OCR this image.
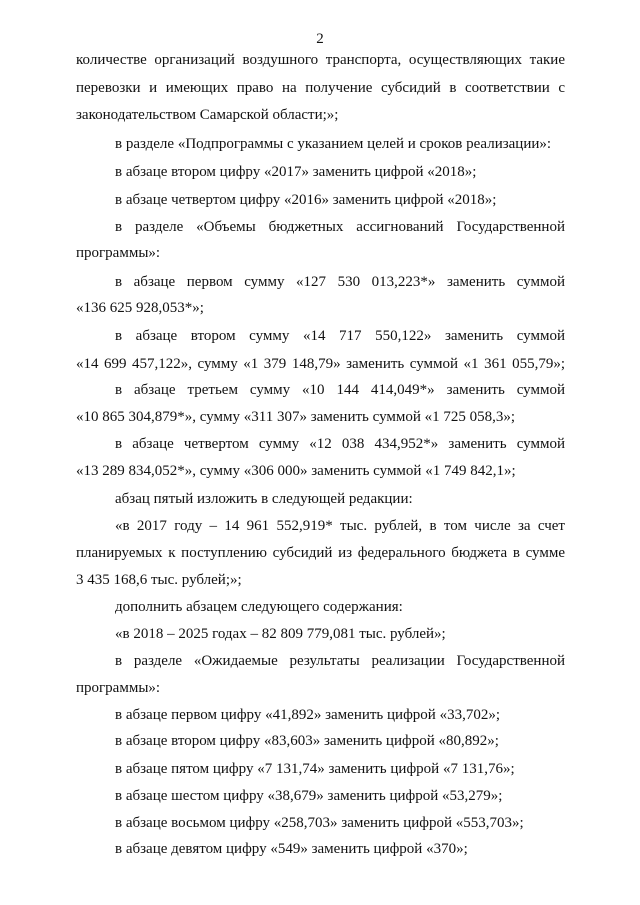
2
количестве организаций воздушного транспорта, осуществляющих такие
перевозки и имеющих право на получение субсидий в соответствии с
законодательством Самарской области;»;
в разделе «Подпрограммы с указанием целей и сроков реализации»:
в абзаце втором цифру «2017» заменить цифрой «2018»;
в абзаце четвертом цифру «2016» заменить цифрой «2018»;
в разделе «Объемы бюджетных ассигнований Государственной
программы»:
в абзаце первом сумму «127 530 013,223*» заменить суммой
«136 625 928,053*»;
в абзаце втором сумму «14 717 550,122» заменить суммой
«14 699 457,122», сумму «1 379 148,79» заменить суммой «1 361 055,79»;
в абзаце третьем сумму «10 144 414,049*» заменить суммой
«10 865 304,879*», сумму «311 307» заменить суммой «1 725 058,3»;
в абзаце четвертом сумму «12 038 434,952*» заменить суммой
«13 289 834,052*», сумму «306 000» заменить суммой «1 749 842,1»;
абзац пятый изложить в следующей редакции:
«в 2017 году – 14 961 552,919* тыс. рублей, в том числе за счет
планируемых к поступлению субсидий из федерального бюджета в сумме
3 435 168,6 тыс. рублей;»;
дополнить абзацем следующего содержания:
«в 2018 – 2025 годах – 82 809 779,081 тыс. рублей»;
в разделе «Ожидаемые результаты реализации Государственной
программы»:
в абзаце первом цифру «41,892» заменить цифрой «33,702»;
в абзаце втором цифру «83,603» заменить цифрой «80,892»;
в абзаце пятом цифру «7 131,74» заменить цифрой «7 131,76»;
в абзаце шестом цифру «38,679» заменить цифрой «53,279»;
в абзаце восьмом цифру «258,703» заменить цифрой «553,703»;
в абзаце девятом цифру «549» заменить цифрой «370»;
